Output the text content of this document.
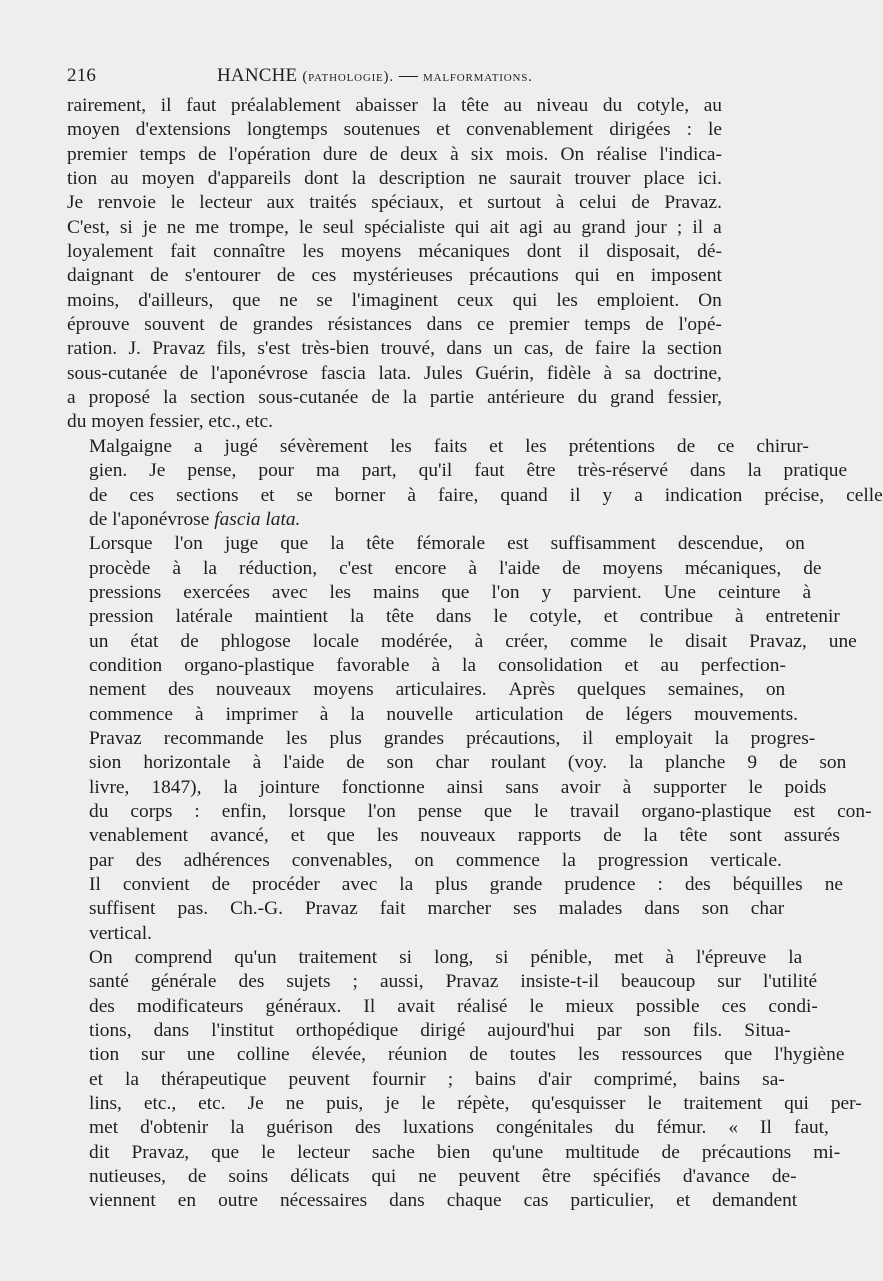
216	HANCHE (pathologie). — malformations.
rairement, il faut préalablement abaisser la tête au niveau du cotyle, au
moyen d'extensions longtemps soutenues et convenablement dirigées : le
premier temps de l'opération dure de deux à six mois. On réalise l'indica-
tion au moyen d'appareils dont la description ne saurait trouver place ici.
Je renvoie le lecteur aux traités spéciaux, et surtout à celui de Pravaz.
C'est, si je ne me trompe, le seul spécialiste qui ait agi au grand jour ; il a
loyalement fait connaître les moyens mécaniques dont il disposait, dé-
daignant de s'entourer de ces mystérieuses précautions qui en imposent
moins, d'ailleurs, que ne se l'imaginent ceux qui les emploient. On
éprouve souvent de grandes résistances dans ce premier temps de l'opé-
ration. J. Pravaz fils, s'est très-bien trouvé, dans un cas, de faire la section
sous-cutanée de l'aponévrose fascia lata. Jules Guérin, fidèle à sa doctrine,
a proposé la section sous-cutanée de la partie antérieure du grand fessier,
du moyen fessier, etc., etc.
Malgaigne	a	jugé	sévèrement	les	faits	et	les	prétentions	de	ce	chirur-
gien.	Je	pense,	pour	ma	part,	qu'il	faut	être	très-réservé	dans	la	pratique
de	ces	sections	et	se	borner	à	faire,	quand	il	y	a	indication	précise,	celle
de l'aponévrose fascia lata.
Lorsque	l'on	juge	que	la	tête	fémorale	est	suffisamment	descendue,	on
procède	à	la	réduction,	c'est	encore	à	l'aide	de	moyens	mécaniques,	de
pressions	exercées	avec	les	mains	que	l'on	y	parvient.	Une	ceinture	à
pression	latérale	maintient	la	tête	dans	le	cotyle,	et	contribue	à	entretenir
un	état	de	phlogose	locale	modérée,	à	créer,	comme	le	disait	Pravaz,	une
condition	organo-plastique	favorable	à	la	consolidation	et	au	perfection-
nement	des	nouveaux	moyens	articulaires.	Après	quelques	semaines,	on
commence	à	imprimer	à	la	nouvelle	articulation	de	légers	mouvements.
Pravaz	recommande	les	plus	grandes	précautions,	il	employait	la	progres-
sion	horizontale	à	l'aide	de	son	char	roulant	(voy.	la	planche	9	de	son
livre,	1847),	la	jointure	fonctionne	ainsi	sans	avoir	à	supporter	le	poids
du	corps	:	enfin,	lorsque	l'on	pense	que	le	travail	organo-plastique	est	con-
venablement	avancé,	et	que	les	nouveaux	rapports	de	la	tête	sont	assurés
par	des	adhérences	convenables,	on	commence	la	progression	verticale.
Il	convient	de	procéder	avec	la	plus	grande	prudence	:	des	béquilles	ne
suffisent	pas.	Ch.-G.	Pravaz	fait	marcher	ses	malades	dans	son	char
vertical.
On	comprend	qu'un	traitement	si	long,	si	pénible,	met	à	l'épreuve	la
santé	générale	des	sujets	;	aussi,	Pravaz	insiste-t-il	beaucoup	sur	l'utilité
des	modificateurs	généraux.	Il	avait	réalisé	le	mieux	possible	ces	condi-
tions,	dans	l'institut	orthopédique	dirigé	aujourd'hui	par	son	fils.	Situa-
tion	sur	une	colline	élevée,	réunion	de	toutes	les	ressources	que	l'hygiène
et	la	thérapeutique	peuvent	fournir	;	bains	d'air	comprimé,	bains	sa-
lins,	etc.,	etc.	Je	ne	puis,	je	le	répète,	qu'esquisser	le	traitement	qui	per-
met	d'obtenir	la	guérison	des	luxations	congénitales	du	fémur.	«	Il	faut,
dit	Pravaz,	que	le	lecteur	sache	bien	qu'une	multitude	de	précautions	mi-
nutieuses,	de	soins	délicats	qui	ne	peuvent	être	spécifiés	d'avance	de-
viennent	en	outre	nécessaires	dans	chaque	cas	particulier,	et	demandent
